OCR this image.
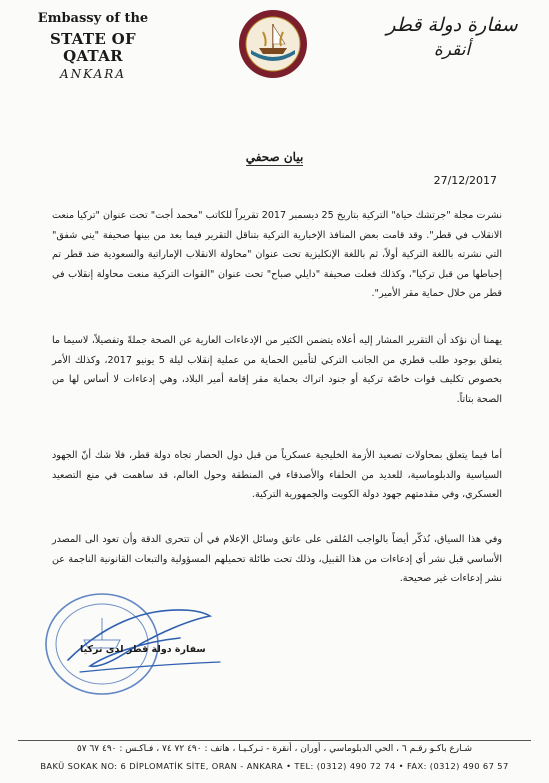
Embassy of the
STATE OF QATAR
ANKARA
سفارة دولة قطر
أنقرة
بيان صحفي
27/12/2017
نشرت مجلة "جرتشك حياة" التركية بتاريخ 25 ديسمبر 2017 تقريراً للكاتب "محمد أجت" تحت عنوان "تركيا منعت الانقلاب في قطر". وقد قامت بعض المنافذ الإخبارية التركية بتناقل التقرير فيما بعد من بينها صحيفة "يني شفق" التي نشرته باللغة التركية أولاً، ثم باللغة الإنكليزية تحت عنوان "محاولة الانقلاب الإماراتية والسعودية ضد قطر تم إحباطها من قبل تركيا"، وكذلك فعلت صحيفة "دايلي صباح" تحت عنوان "القوات التركية منعت محاولة إنقلاب في قطر من خلال حماية مقر الأمير".
يهمنا أن نؤكد أن التقرير المشار إليه أعلاه يتضمن الكثير من الإدعاءات العارية عن الصحة جملةً وتفصيلاً، لاسيما ما يتعلق بوجود طلب قطري من الجانب التركي لتأمين الحماية من عملية إنقلاب ليلة 5 يونيو 2017، وكذلك الأمر بخصوص تكليف قوات خاصّة تركية أو جنود اتراك بحماية مقر إقامة أمير البلاد، وهي إدعاءات لا أساس لها من الصحة بتاتاً.
أما فيما يتعلق بمحاولات تصعيد الأزمة الخليجية عسكرياً من قبل دول الحصار تجاه دولة قطر، فلا شك أنّ الجهود السياسية والدبلوماسية، للعديد من الحلفاء والأصدقاء في المنطقة وحول العالم، قد ساهمت في منع التصعيد العسكري، وفي مقدمتهم جهود دولة الكويت والجمهورية التركية.
وفي هذا السياق، نُذكّر أيضاً بالواجب المُلقى على عاتق وسائل الإعلام في أن تتحرى الدقة وأن تعود الى المصدر الأساسي قبل نشر أي إدعاءات من هذا القبيل، وذلك تحت طائلة تحميلهم المسؤولية والتبعات القانونية الناجمة عن نشر إدعاءات غير صحيحة.
سفارة دولة قطر لدى تركيا
شـارع باكـو رقـم ٦ ، الحي الدبلوماسي ، أوران ، أنقرة - تـركـيـا ، هاتف : ٤٩٠ ٧٢ ٧٤ ، فـاكـس : ٤٩٠ ٦٧ ٥٧
BAKÜ SOKAK NO: 6 DİPLOMATİK SİTE, ORAN - ANKARA • TEL: (0312) 490 72 74 • FAX: (0312) 490 67 57
